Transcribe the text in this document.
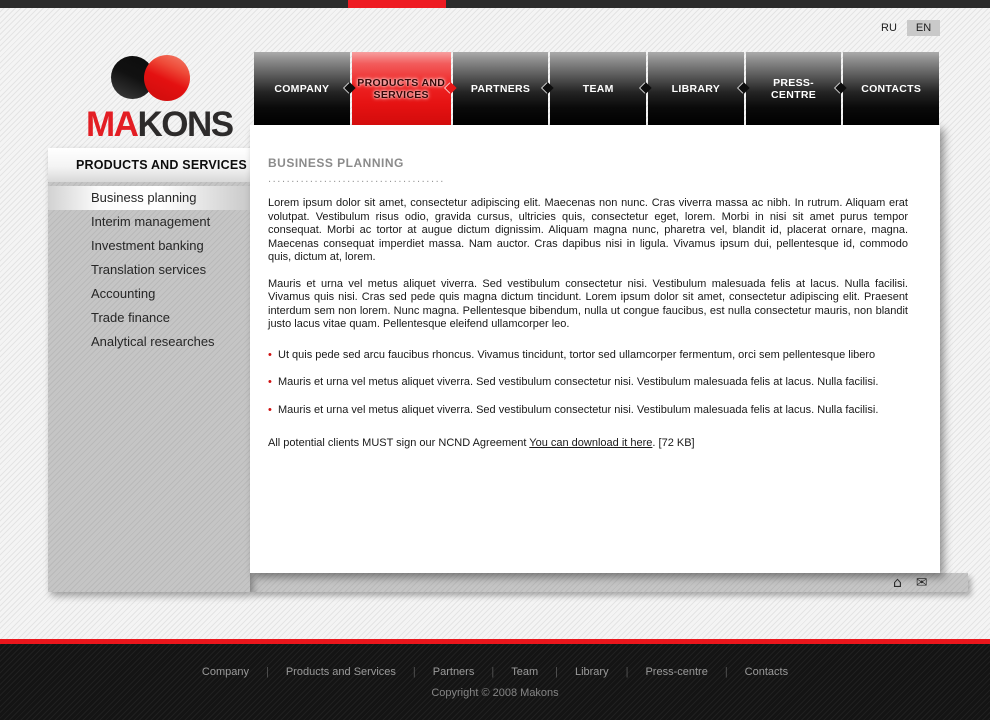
RU	EN
MAKONS
COMPANY	PRODUCTS AND SERVICES	PARTNERS	TEAM	LIBRARY	PRESS-CENTRE	CONTACTS
PRODUCTS AND SERVICES
Business planning
Interim management
Investment banking
Translation services
Accounting
Trade finance
Analytical researches
⌂ ✉
BUSINESS PLANNING
......................................

Lorem ipsum dolor sit amet, consectetur adipiscing elit. Maecenas non nunc. Cras viverra massa ac nibh. In rutrum. Aliquam erat volutpat. Vestibulum risus odio, gravida cursus, ultricies quis, consectetur eget, lorem. Morbi in nisi sit amet purus tempor consequat. Morbi ac tortor at augue dictum dignissim. Aliquam magna nunc, pharetra vel, blandit id, placerat ornare, magna. Maecenas consequat imperdiet massa. Nam auctor. Cras dapibus nisi in ligula. Vivamus ipsum dui, pellentesque id, commodo quis, dictum at, lorem.

Mauris et urna vel metus aliquet viverra. Sed vestibulum consectetur nisi. Vestibulum malesuada felis at lacus. Nulla facilisi. Vivamus quis nisi. Cras sed pede quis magna dictum tincidunt. Lorem ipsum dolor sit amet, consectetur adipiscing elit. Praesent interdum sem non lorem. Nunc magna. Pellentesque bibendum, nulla ut congue faucibus, est nulla consectetur mauris, non blandit justo lacus vitae quam. Pellentesque eleifend ullamcorper leo.

• Ut quis pede sed arcu faucibus rhoncus. Vivamus tincidunt, tortor sed ullamcorper fermentum, orci sem pellentesque libero
• Mauris et urna vel metus aliquet viverra. Sed vestibulum consectetur nisi. Vestibulum malesuada felis at lacus. Nulla facilisi.
• Mauris et urna vel metus aliquet viverra. Sed vestibulum consectetur nisi. Vestibulum malesuada felis at lacus. Nulla facilisi.
All potential clients MUST sign our NCND Agreement You can download it here. [72 KB]
Company	|	Products and Services	|	Partners	|	Team	|	Library	|	Press-centre	|	Contacts
Copyright © 2008 Makons
